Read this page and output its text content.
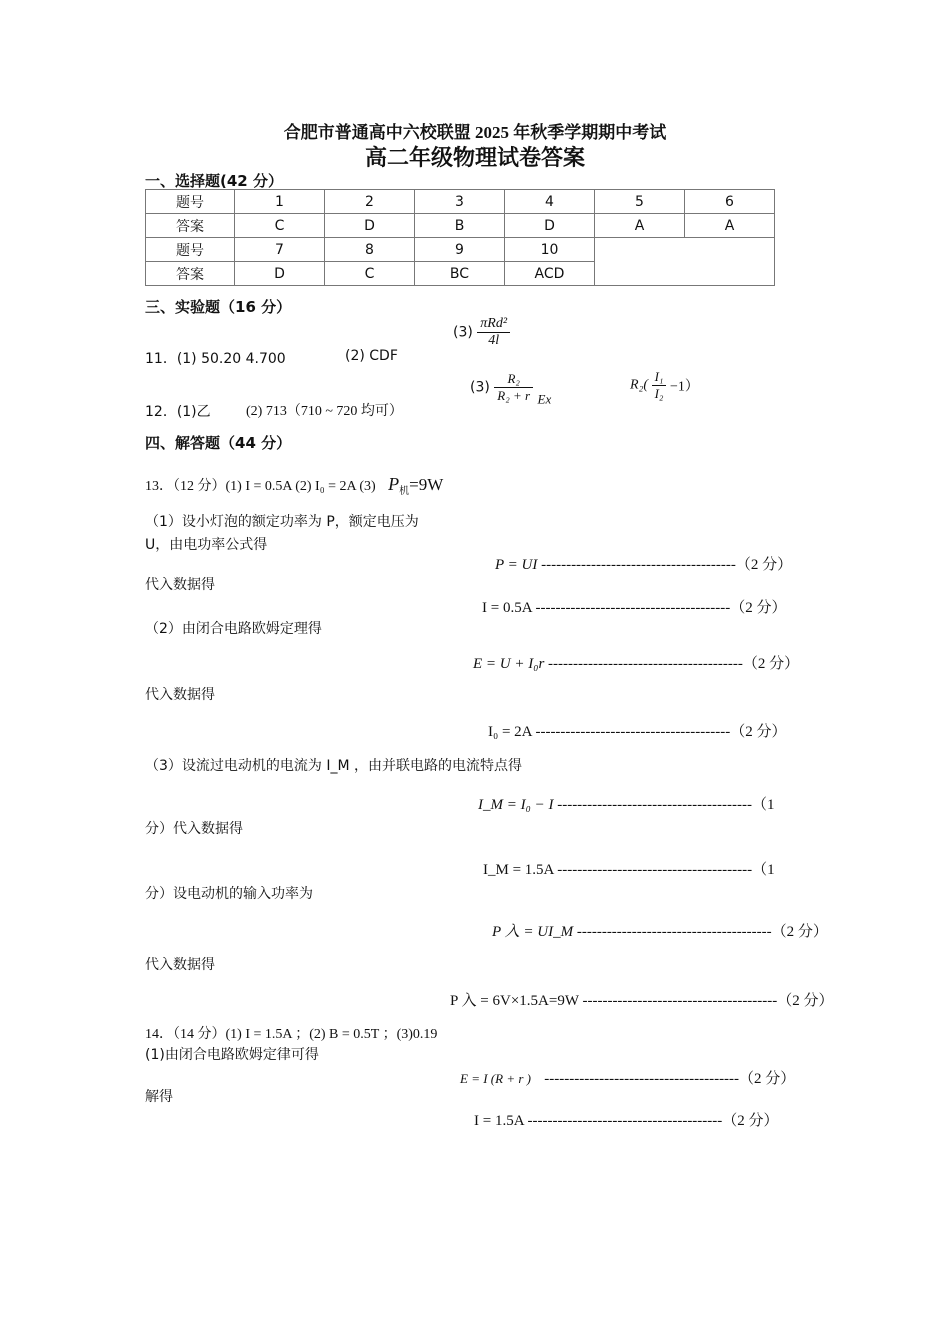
合肥市普通高中六校联盟 2025 年秋季学期期中考试
高二年级物理试卷答案
一、选择题(42 分）
题号	1	2	3	4	5	6
答案	C	D	B	D	A	A
题号	7	8	9	10		
答案	D	C	BC	ACD		
三、实验题（16 分）
11．(1) 50.20 4.700	(2) CDF
$(3) \frac{\text{πRd²}}{4l}$
12．(1)乙	(2) 713（710 ~ 720 均可）
$(3) \frac{\text{R₂}}{\text{R₂ + r}}$ Ex
$R_2( \frac{\text{I₁}}{\text{I₂}} -1)$
四、解答题（44 分）
13．（12 分）(1) I = 0.5A (2) I₀ = 2A (3) $P_机=9W$
（1）设小灯泡的额定功率为 P，额定电压为
U，由电功率公式得
P = UI ---------------------------------------（2 分）
代入数据得
I = 0.5A ---------------------------------------（2 分）
（2）由闭合电路欧姆定理得
E = U + I₀r ---------------------------------------（2 分）
代入数据得
I₀ = 2A ---------------------------------------（2 分）
（3）设流过电动机的电流为 I_M ，由并联电路的电流特点得
I_M = I₀ − I ---------------------------------------（1
分）代入数据得
I_M = 1.5A ---------------------------------------（1
分）设电动机的输入功率为
P 入 = UI_M ---------------------------------------（2 分）
代入数据得
P 入 = 6V×1.5A=9W ---------------------------------------（2 分）
14．（14 分）(1) I = 1.5A ；(2) B = 0.5T ；(3)0.19
(1)由闭合电路欧姆定律可得
E = I (R + r ) ---------------------------------------（2 分）
解得
I = 1.5A ---------------------------------------（2 分）
